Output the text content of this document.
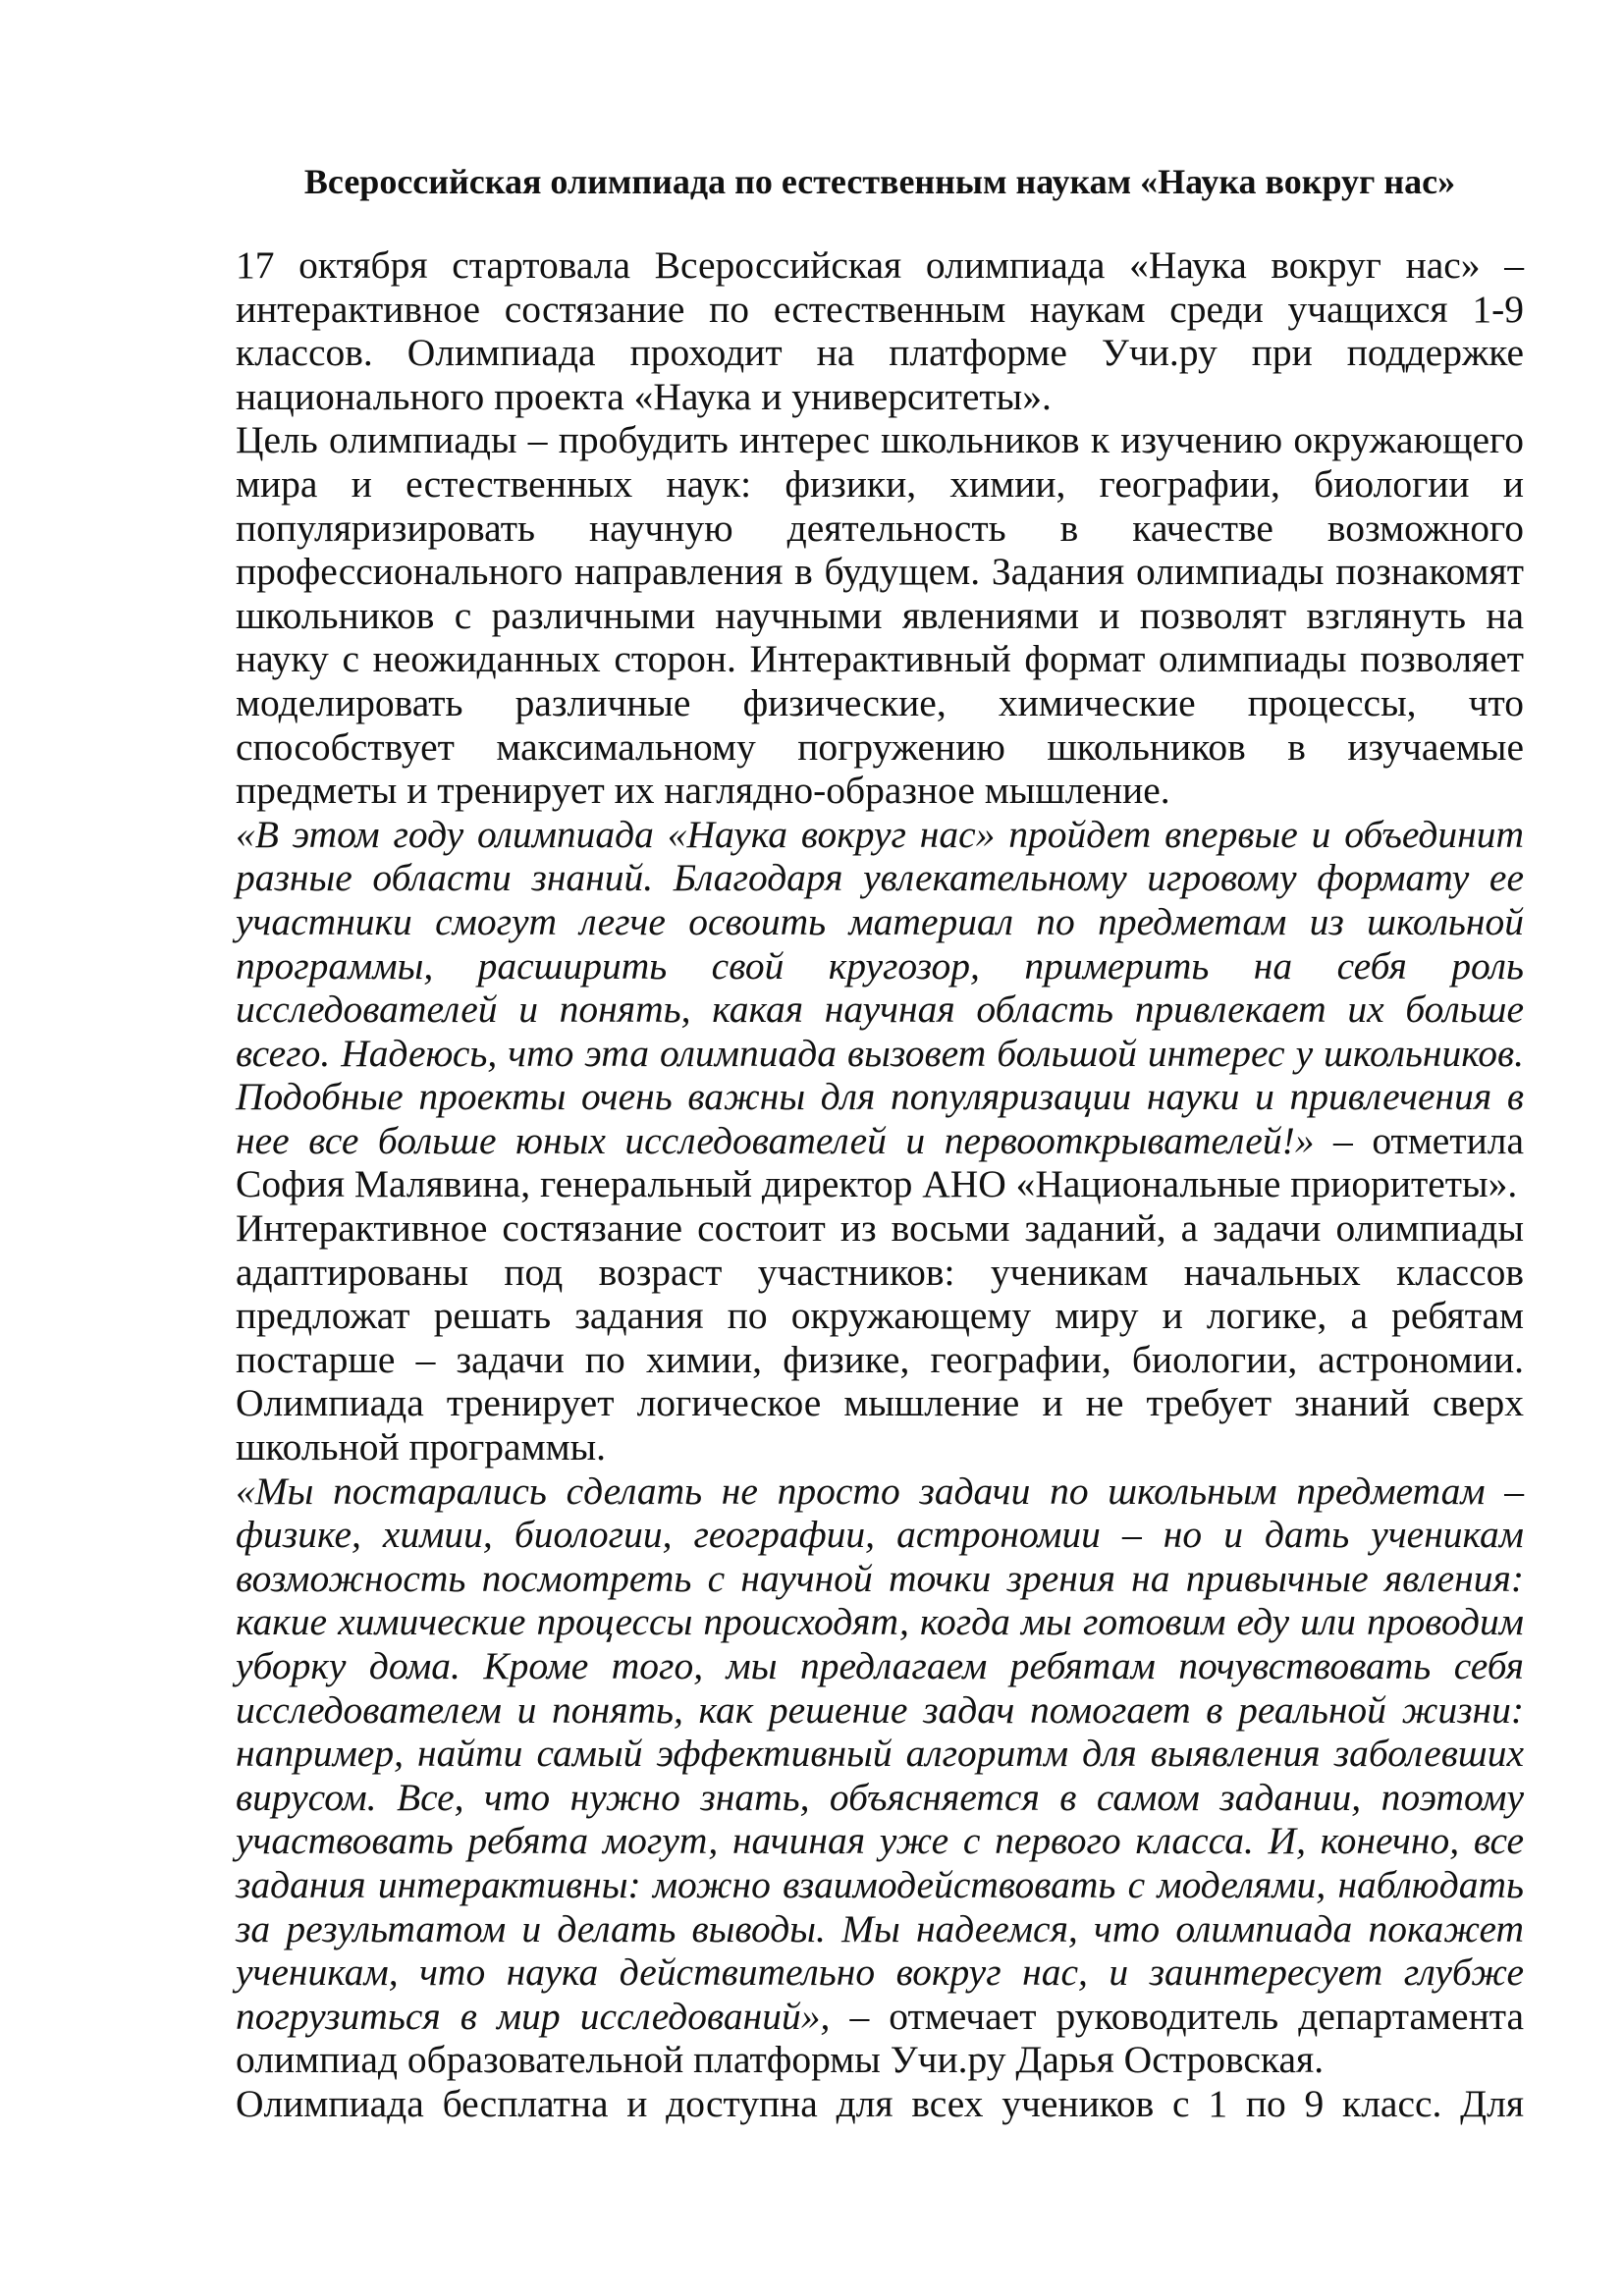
Всероссийская олимпиада по естественным наукам «Наука вокруг нас»

17 октября стартовала Всероссийская олимпиада «Наука вокруг нас» – интерактивное состязание по естественным наукам среди учащихся 1-9 классов. Олимпиада проходит на платформе Учи.ру при поддержке национального проекта «Наука и университеты».

Цель олимпиады – пробудить интерес школьников к изучению окружающего мира и естественных наук: физики, химии, географии, биологии и популяризировать научную деятельность в качестве возможного профессионального направления в будущем. Задания олимпиады познакомят школьников с различными научными явлениями и позволят взглянуть на науку с неожиданных сторон. Интерактивный формат олимпиады позволяет моделировать различные физические, химические процессы, что способствует максимальному погружению школьников в изучаемые предметы и тренирует их наглядно-образное мышление.

«В этом году олимпиада «Наука вокруг нас» пройдет впервые и объединит разные области знаний. Благодаря увлекательному игровому формату ее участники смогут легче освоить материал по предметам из школьной программы, расширить свой кругозор, примерить на себя роль исследователей и понять, какая научная область привлекает их больше всего. Надеюсь, что эта олимпиада вызовет большой интерес у школьников. Подобные проекты очень важны для популяризации науки и привлечения в нее все больше юных исследователей и первооткрывателей!» – отметила София Малявина, генеральный директор АНО «Национальные приоритеты».

Интерактивное состязание состоит из восьми заданий, а задачи олимпиады адаптированы под возраст участников: ученикам начальных классов предложат решать задания по окружающему миру и логике, а ребятам постарше – задачи по химии, физике, географии, биологии, астрономии. Олимпиада тренирует логическое мышление и не требует знаний сверх школьной программы.

«Мы постарались сделать не просто задачи по школьным предметам – физике, химии, биологии, географии, астрономии – но и дать ученикам возможность посмотреть с научной точки зрения на привычные явления: какие химические процессы происходят, когда мы готовим еду или проводим уборку дома. Кроме того, мы предлагаем ребятам почувствовать себя исследователем и понять, как решение задач помогает в реальной жизни: например, найти самый эффективный алгоритм для выявления заболевших вирусом. Все, что нужно знать, объясняется в самом задании, поэтому участвовать ребята могут, начиная уже с первого класса. И, конечно, все задания интерактивны: можно взаимодействовать с моделями, наблюдать за результатом и делать выводы. Мы надеемся, что олимпиада покажет ученикам, что наука действительно вокруг нас, и заинтересует глубже погрузиться в мир исследований», – отмечает руководитель департамента олимпиад образовательной платформы Учи.ру Дарья Островская.

Олимпиада бесплатна и доступна для всех учеников с 1 по 9 класс. Для
